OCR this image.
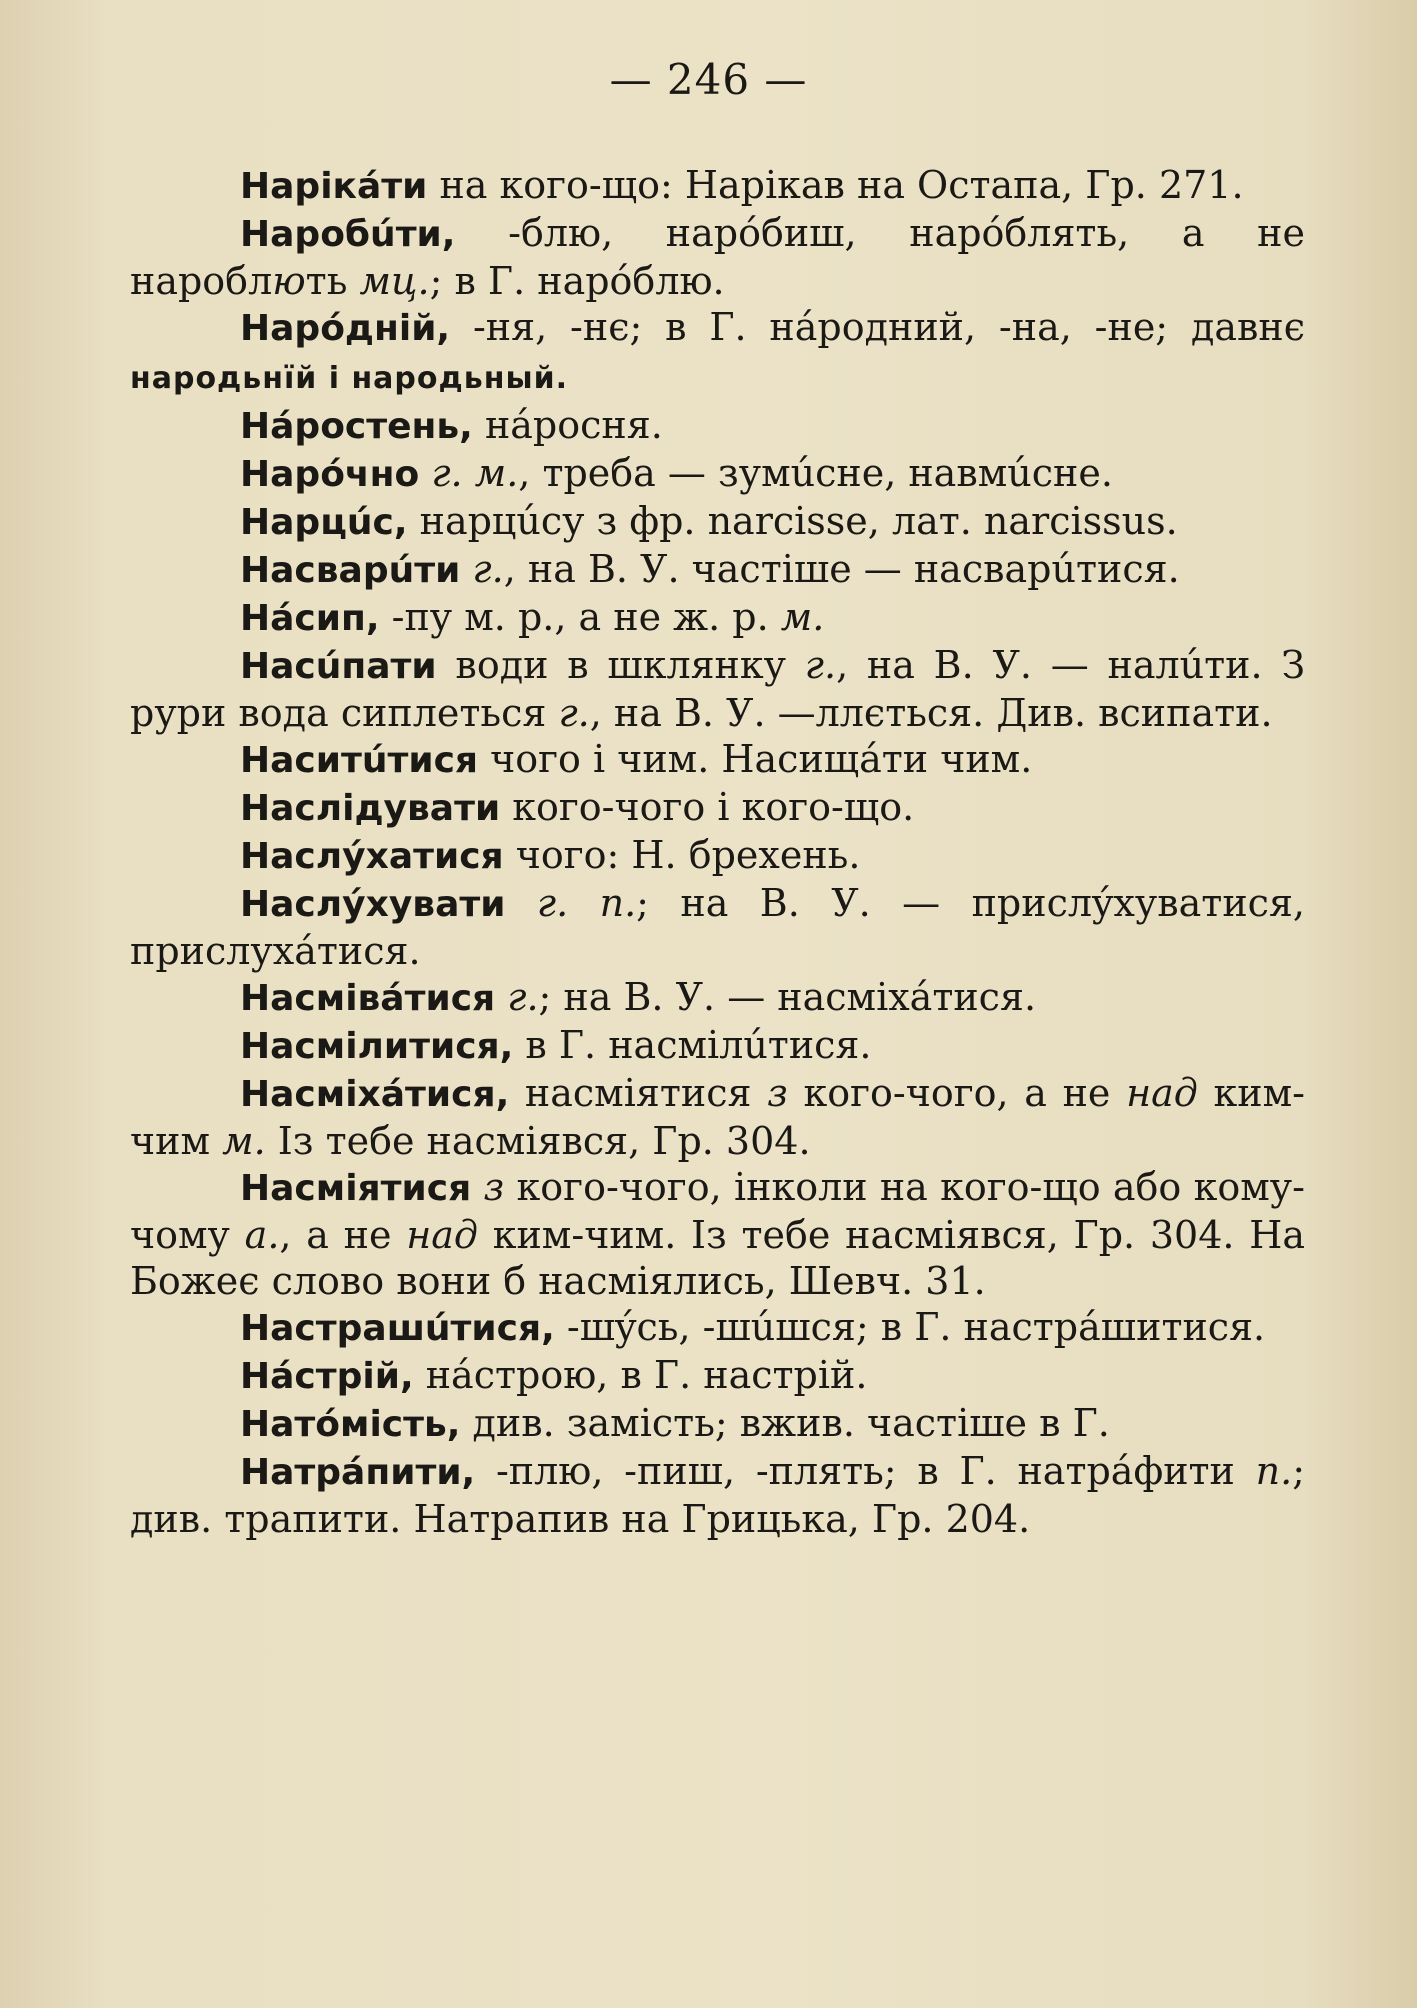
— 246 —

Нарікáти на когo-що: Нарікав на Остапа, Гр. 271.

Наробúти, -блю, нарóбиш, нарóблять, а не нароблють мц.; в Г. нарóблю.

Нарóдній, -ня, -нє; в Г. нáродний, -на, -не; давнє народьнїй і народьный.

Нáростень, нáросня.

Нарóчно г. м., треба — зумúсне, навмúсне.

Нарцúс, нарцúсу з фр. narcisse, лат. narcissus.

Насварúти г., на В. У. частіше — насварúтися.

Нáсип, -пу м. р., а не ж. р. м.

Насúпати води в шклянку г., на В. У. — налúти. З рури вода сиплеться г., на В. У. —ллється. Див. всипати.

Наситúтися чого і чим. Насищáти чим.

Наслідувати кого-чого і кого-що.

Наслýхатися чого: Н. брехень.

Наслýхувати г. п.; на В. У. — прислýхуватися, прислухáтися.

Насмівáтися г.; на В. У. — насміхáтися.

Насмілитися, в Г. насмілúтися.

Насміхáтися, насміятися з кого-чого, а не над ким-чим м. Із тебе насміявся, Гр. 304.

Насміятися з кого-чого, інколи на кого-що або кому-чому а., а не над ким-чим. Із тебе насміявся, Гр. 304. На Божеє слово вони б насміялись, Шевч. 31.

Настрашúтися, -шýсь, -шúшся; в Г. настрáшитися.

Нáстрій, нáстрою, в Г. настрій.

Натóмість, див. замість; вжив. частіше в Г.

Натрáпити, -плю, -пиш, -плять; в Г. натрáфити п.; див. трапити. Натрапив на Грицька, Гр. 204.
